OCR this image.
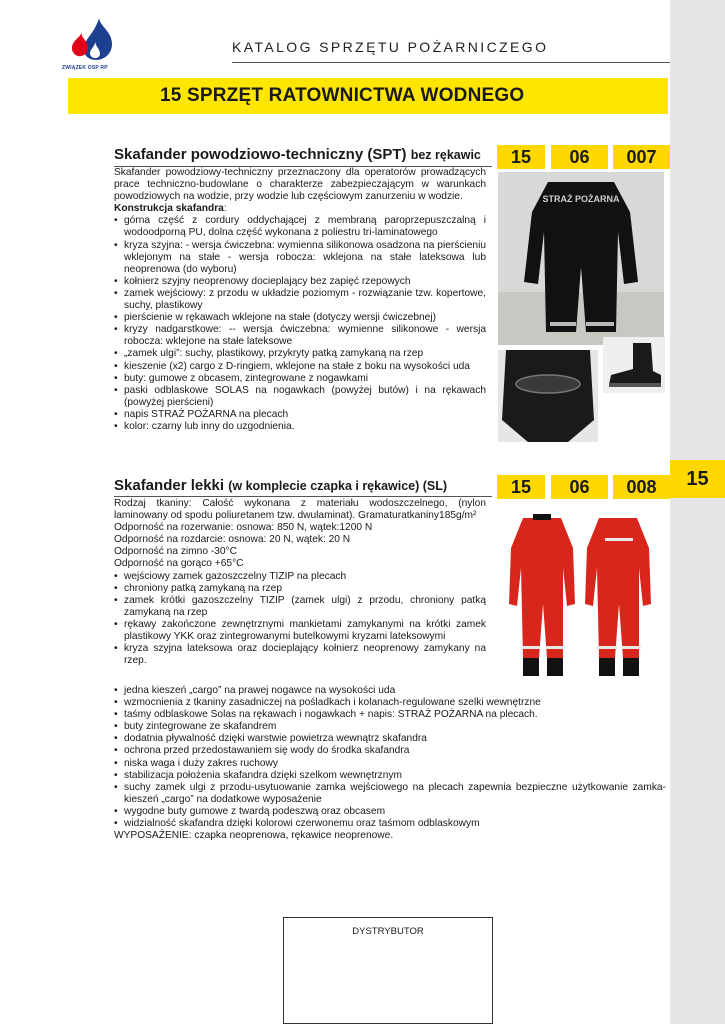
15
ZWIĄZEK OSP RP
KATALOG SPRZĘTU POŻARNICZEGO
15 SPRZĘT RATOWNICTWA WODNEGO
Skafander powodziowo-techniczny (SPT) bez rękawic	15	06	007

Skafander powodziowy-techniczny przeznaczony dla operatorów prowadzących prace techniczno-budowlane o charakterze zabezpieczającym w warunkach powodziowych na wodzie, przy wodzie lub częściowym zanurzeniu w wodzie.

Konstrukcja skafandra:

• górna część z cordury oddychającej z membraną paroprzepuszczalną i wodoodporną PU, dolna część wykonana z poliestru tri-laminatowego
• kryza szyjna: - wersja ćwiczebna: wymienna silikonowa osadzona na pierścieniu wklejonym na stałe - wersja robocza: wklejona na stałe lateksowa lub neoprenowa (do wyboru)
• kołnierz szyjny neoprenowy docieplający bez zapięć rzepowych
• zamek wejściowy: z przodu w układzie poziomym - rozwiązanie tzw. kopertowe, suchy, plastikowy
• pierścienie w rękawach wklejone na stałe (dotyczy wersji ćwiczebnej)
• kryzy nadgarstkowe: -- wersja ćwiczebna: wymienne silikonowe - wersja robocza: wklejone na stałe lateksowe
• „zamek ulgi”: suchy, plastikowy, przykryty patką zamykaną na rzep
• kieszenie (x2) cargo z D-ringiem, wklejone na stałe z boku na wysokości uda
• buty: gumowe z obcasem, zintegrowane z nogawkami
• paski odblaskowe SOLAS na nogawkach (powyżej butów) i na rękawach (powyżej pierścieni)
• napis STRAŻ POŻARNA na plecach
• kolor: czarny lub inny do uzgodnienia.
STRAŻ POŻARNA
Skafander lekki (w komplecie czapka i rękawice) (SL)	15	06	008

Rodzaj tkaniny: Całość wykonana z materiału wodoszczelnego, (nylon laminowany od spodu poliuretanem tzw. dwulaminat). Gramaturatkaniny185g/m²

Odporność na rozerwanie: osnowa: 850 N, wątek:1200 N

Odporność na rozdarcie: osnowa: 20 N, wątek: 20 N

Odporność na zimno -30°C

Odporność na gorąco +65°C

• wejściowy zamek gazoszczelny TIZIP na plecach
• chroniony patką zamykaną na rzep
• zamek krótki gazoszczelny TIZIP (zamek ulgi) z przodu, chroniony patką zamykaną na rzep
• rękawy zakończone zewnętrznymi mankietami zamykanymi na krótki zamek plastikowy YKK oraz zintegrowanymi butelkowymi kryzami lateksowymi
• kryza szyjna lateksowa oraz docieplający kołnierz neoprenowy zamykany na rzep.
• jedna kieszeń „cargo” na prawej nogawce na wysokości uda
• wzmocnienia z tkaniny zasadniczej na pośladkach i kolanach-regulowane szelki wewnętrzne
• taśmy odblaskowe Solas na rękawach i nogawkach + napis: STRAŻ POŻARNA na plecach.
• buty zintegrowane ze skafandrem
• dodatnia pływalność dzięki warstwie powietrza wewnątrz skafandra
• ochrona przed przedostawaniem się wody do środka skafandra
• niska waga i duży zakres ruchowy
• stabilizacja położenia skafandra dzięki szelkom wewnętrznym
• suchy zamek ulgi z przodu-usytuowanie zamka wejściowego na plecach zapewnia bezpieczne użytkowanie zamka-kieszeń „cargo” na dodatkowe wyposażenie
• wygodne buty gumowe z twardą podeszwą oraz obcasem
• widzialność skafandra dzięki kolorowi czerwonemu oraz taśmom odblaskowym

WYPOSAŻENIE: czapka neoprenowa, rękawice neoprenowe.

DYSTRYBUTOR
